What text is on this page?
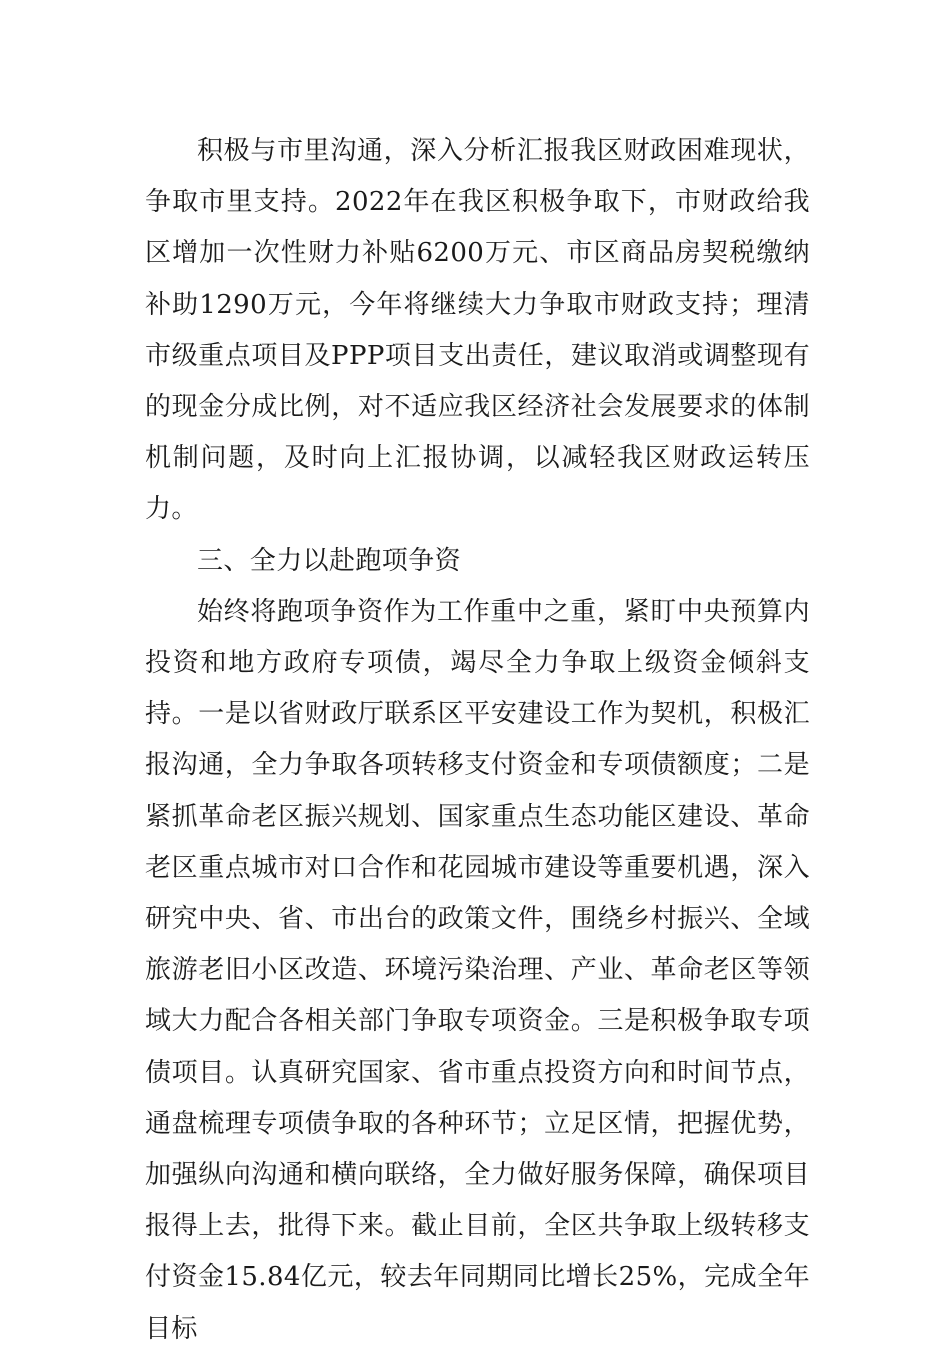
积极与市里沟通，深入分析汇报我区财政困难现状，争取市里支持。2022年在我区积极争取下，市财政给我区增加一次性财力补贴6200万元、市区商品房契税缴纳补助1290万元，今年将继续大力争取市财政支持；理清市级重点项目及PPP项目支出责任，建议取消或调整现有的现金分成比例，对不适应我区经济社会发展要求的体制机制问题，及时向上汇报协调，以减轻我区财政运转压力。

三、全力以赴跑项争资

始终将跑项争资作为工作重中之重，紧盯中央预算内投资和地方政府专项债，竭尽全力争取上级资金倾斜支持。一是以省财政厅联系区平安建设工作为契机，积极汇报沟通，全力争取各项转移支付资金和专项债额度；二是紧抓革命老区振兴规划、国家重点生态功能区建设、革命老区重点城市对口合作和花园城市建设等重要机遇，深入研究中央、省、市出台的政策文件，围绕乡村振兴、全域旅游老旧小区改造、环境污染治理、产业、革命老区等领域大力配合各相关部门争取专项资金。三是积极争取专项债项目。认真研究国家、省市重点投资方向和时间节点，通盘梳理专项债争取的各种环节；立足区情，把握优势，加强纵向沟通和横向联络，全力做好服务保障，确保项目报得上去，批得下来。截止目前，全区共争取上级转移支付资金15.84亿元，较去年同期同比增长25%，完成全年目标
